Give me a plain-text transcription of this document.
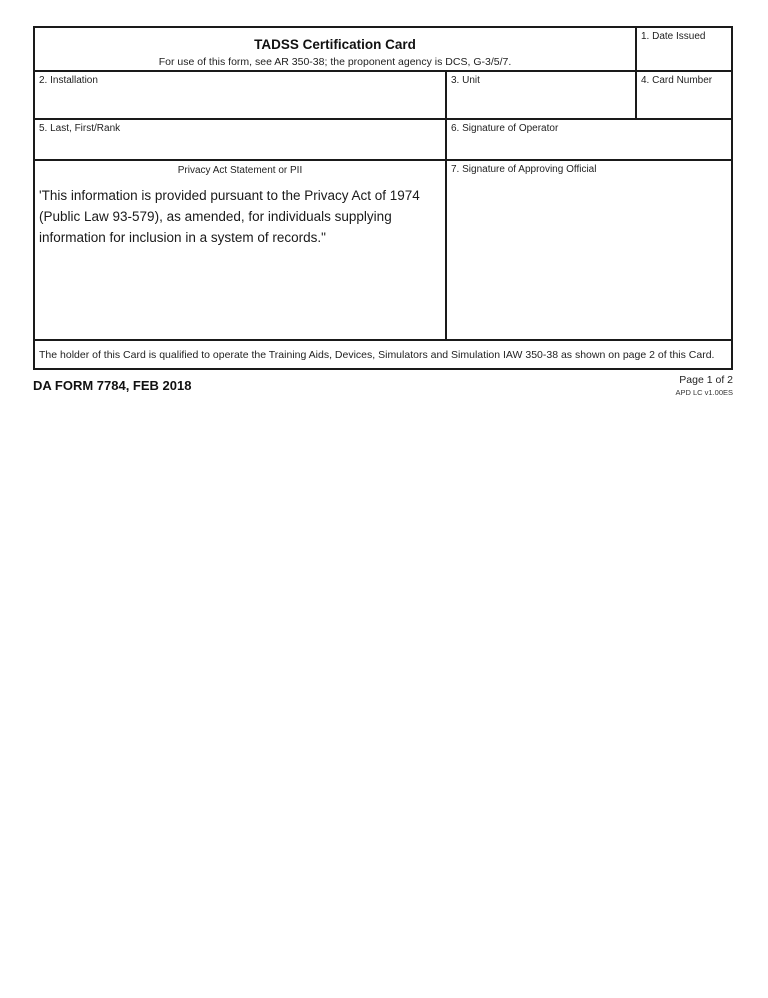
TADSS Certification Card
For use of this form, see AR 350-38; the proponent agency is DCS, G-3/5/7.
1. Date Issued
2. Installation	3. Unit	4. Card Number
5. Last, First/Rank	6. Signature of Operator
Privacy Act Statement or PII
'This information is provided pursuant to the Privacy Act of 1974
(Public Law 93-579), as amended, for individuals supplying
information for inclusion in a system of records."
7. Signature of Approving Official
The holder of this Card is qualified to operate the Training Aids, Devices, Simulators and Simulation IAW 350-38 as shown on page 2 of this Card.
DA FORM 7784, FEB 2018	Page 1 of 2
APD LC v1.00ES
